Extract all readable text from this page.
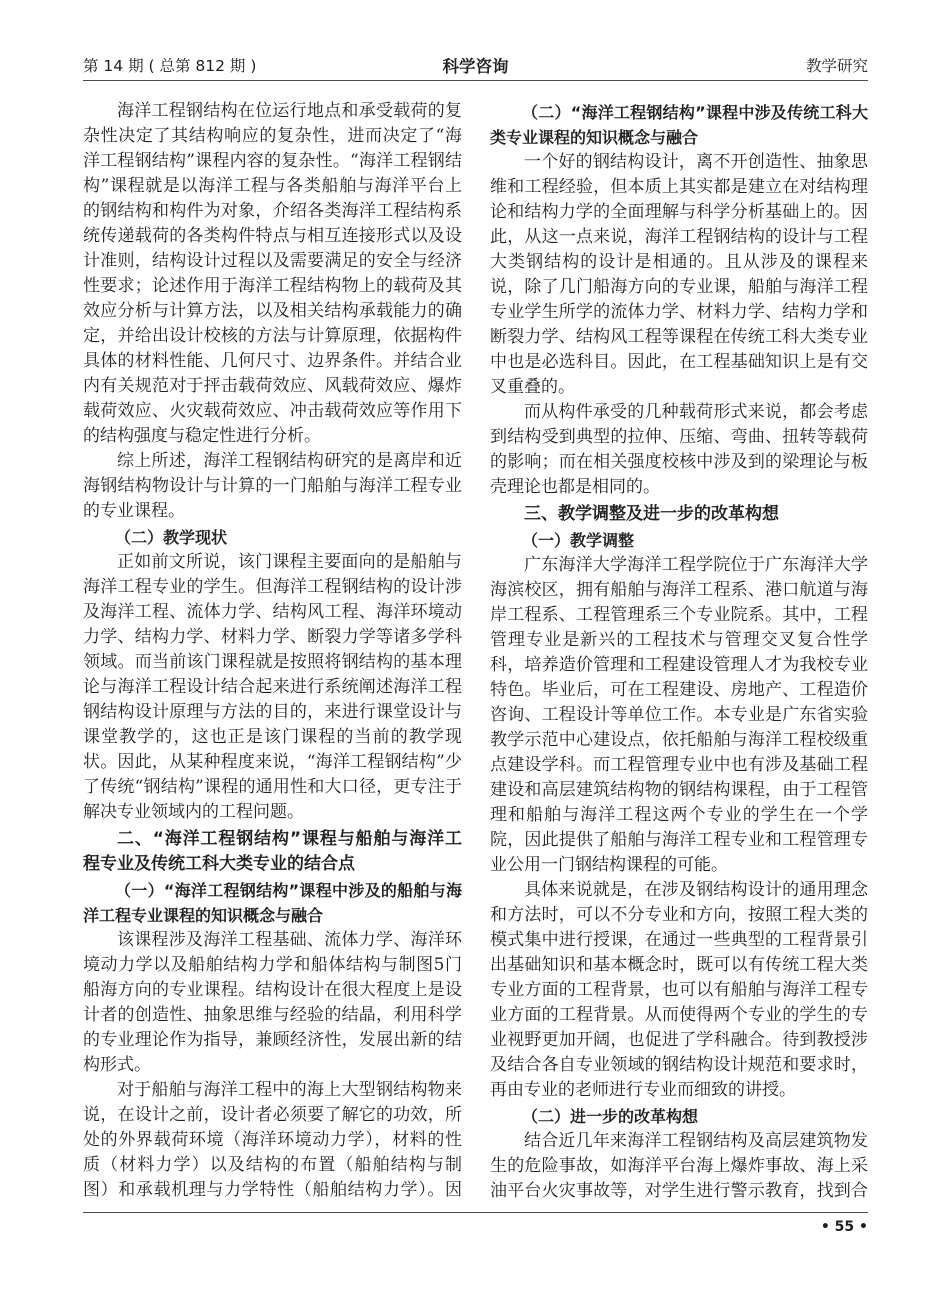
第 14 期 ( 总第 812 期 )	科学咨询	教学研究

海洋工程钢结构在位运行地点和承受载荷的复杂性决定了其结构响应的复杂性，进而决定了“海洋工程钢结构”课程内容的复杂性。“海洋工程钢结构”课程就是以海洋工程与各类船舶与海洋平台上的钢结构和构件为对象，介绍各类海洋工程结构系统传递载荷的各类构件特点与相互连接形式以及设计准则，结构设计过程以及需要满足的安全与经济性要求；论述作用于海洋工程结构物上的载荷及其效应分析与计算方法，以及相关结构承载能力的确定，并给出设计校核的方法与计算原理，依据构件具体的材料性能、几何尺寸、边界条件。并结合业内有关规范对于抨击载荷效应、风载荷效应、爆炸载荷效应、火灾载荷效应、冲击载荷效应等作用下的结构强度与稳定性进行分析。

综上所述，海洋工程钢结构研究的是离岸和近海钢结构物设计与计算的一门船舶与海洋工程专业的专业课程。

（二）教学现状

正如前文所说，该门课程主要面向的是船舶与海洋工程专业的学生。但海洋工程钢结构的设计涉及海洋工程、流体力学、结构风工程、海洋环境动力学、结构力学、材料力学、断裂力学等诸多学科领域。而当前该门课程就是按照将钢结构的基本理论与海洋工程设计结合起来进行系统阐述海洋工程钢结构设计原理与方法的目的，来进行课堂设计与课堂教学的，这也正是该门课程的当前的教学现状。因此，从某种程度来说，“海洋工程钢结构”少了传统“钢结构”课程的通用性和大口径，更专注于解决专业领域内的工程问题。

二、“海洋工程钢结构”课程与船舶与海洋工程专业及传统工科大类专业的结合点

（一）“海洋工程钢结构”课程中涉及的船舶与海洋工程专业课程的知识概念与融合

该课程涉及海洋工程基础、流体力学、海洋环境动力学以及船舶结构力学和船体结构与制图5门船海方向的专业课程。结构设计在很大程度上是设计者的创造性、抽象思维与经验的结晶，利用科学的专业理论作为指导，兼顾经济性，发展出新的结构形式。

对于船舶与海洋工程中的海上大型钢结构物来说，在设计之前，设计者必须要了解它的功效，所处的外界载荷环境（海洋环境动力学），材料的性质（材料力学）以及结构的布置（船舶结构与制图）和承载机理与力学特性（船舶结构力学）。因

（二）“海洋工程钢结构”课程中涉及传统工科大类专业课程的知识概念与融合

一个好的钢结构设计，离不开创造性、抽象思维和工程经验，但本质上其实都是建立在对结构理论和结构力学的全面理解与科学分析基础上的。因此，从这一点来说，海洋工程钢结构的设计与工程大类钢结构的设计是相通的。且从涉及的课程来说，除了几门船海方向的专业课，船舶与海洋工程专业学生所学的流体力学、材料力学、结构力学和断裂力学、结构风工程等课程在传统工科大类专业中也是必选科目。因此，在工程基础知识上是有交叉重叠的。

而从构件承受的几种载荷形式来说，都会考虑到结构受到典型的拉伸、压缩、弯曲、扭转等载荷的影响；而在相关强度校核中涉及到的梁理论与板壳理论也都是相同的。

三、教学调整及进一步的改革构想

（一）教学调整

广东海洋大学海洋工程学院位于广东海洋大学海滨校区，拥有船舶与海洋工程系、港口航道与海岸工程系、工程管理系三个专业院系。其中，工程管理专业是新兴的工程技术与管理交叉复合性学科，培养造价管理和工程建设管理人才为我校专业特色。毕业后，可在工程建设、房地产、工程造价咨询、工程设计等单位工作。本专业是广东省实验教学示范中心建设点，依托船舶与海洋工程校级重点建设学科。而工程管理专业中也有涉及基础工程建设和高层建筑结构物的钢结构课程，由于工程管理和船舶与海洋工程这两个专业的学生在一个学院，因此提供了船舶与海洋工程专业和工程管理专业公用一门钢结构课程的可能。

具体来说就是，在涉及钢结构设计的通用理念和方法时，可以不分专业和方向，按照工程大类的模式集中进行授课，在通过一些典型的工程背景引出基础知识和基本概念时，既可以有传统工程大类专业方面的工程背景，也可以有船舶与海洋工程专业方面的工程背景。从而使得两个专业的学生的专业视野更加开阔，也促进了学科融合。待到教授涉及结合各自专业领域的钢结构设计规范和要求时，再由专业的老师进行专业而细致的讲授。

（二）进一步的改革构想

结合近几年来海洋工程钢结构及高层建筑物发生的危险事故，如海洋平台海上爆炸事故、海上采油平台火灾事故等，对学生进行警示教育，找到合

• 55 •
